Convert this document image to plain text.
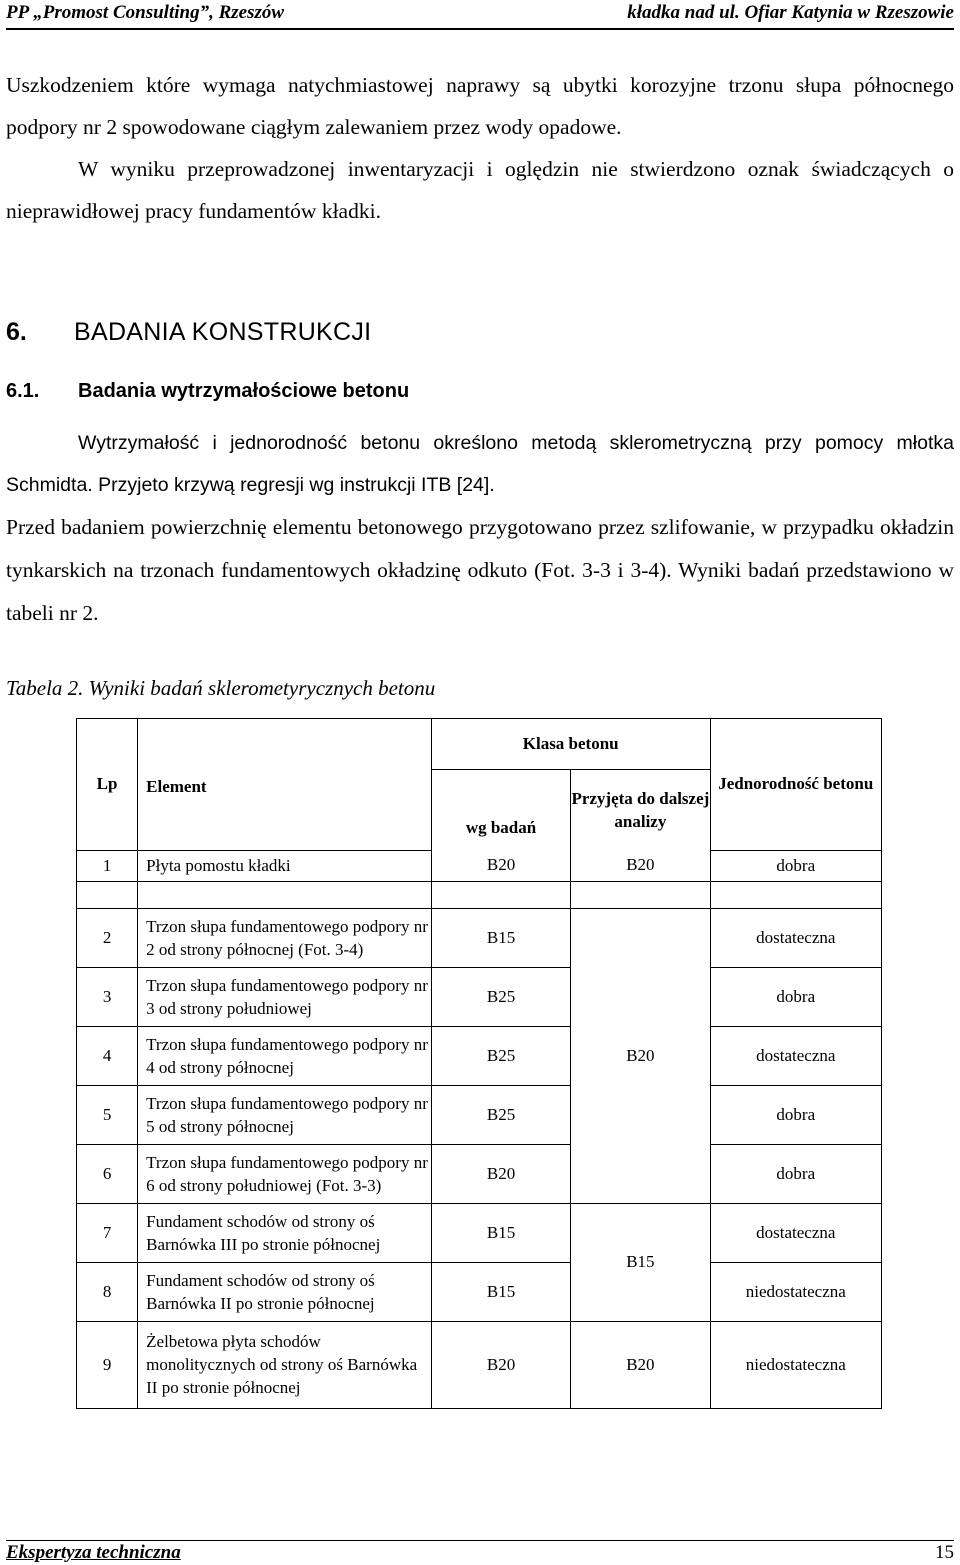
PP „Promost Consulting”, Rzeszów	kładka nad ul. Ofiar Katynia w Rzeszowie

Uszkodzeniem które wymaga natychmiastowej naprawy są ubytki korozyjne trzonu słupa północnego podpory nr 2 spowodowane ciągłym zalewaniem przez wody opadowe.
W wyniku przeprowadzonej inwentaryzacji i oględzin nie stwierdzono oznak świadczących o nieprawidłowej pracy fundamentów kładki.

6. BADANIA KONSTRUKCJI
6.1. Badania wytrzymałościowe betonu

Wytrzymałość i jednorodność betonu określono metodą sklerometryczną przy pomocy młotka Schmidta. Przyjeto krzywą regresji wg instrukcji ITB [24].
Przed badaniem powierzchnię elementu betonowego przygotowano przez szlifowanie, w przypadku okładzin tynkarskich na trzonach fundamentowych okładzinę odkuto (Fot. 3-3 i 3-4). Wyniki badań przedstawiono w tabeli nr 2.

Tabela 2. Wyniki badań sklerometyrycznych betonu

Lp	Element	Klasa betonu		Jednorodność betonu
		wg badań	Przyjęta do dalszej analizy	
1	Płyta pomostu kładki	B20	B20	dobra

2	Trzon słupa fundamentowego podpory nr 2 od strony północnej (Fot. 3-4)	B15	B20	dostateczna
3	Trzon słupa fundamentowego podpory nr 3 od strony południowej	B25		dobra
4	Trzon słupa fundamentowego podpory nr 4 od strony północnej	B25		dostateczna
5	Trzon słupa fundamentowego podpory nr 5 od strony północnej	B25		dobra
6	Trzon słupa fundamentowego podpory nr 6 od strony południowej (Fot. 3-3)	B20		dobra
7	Fundament schodów od strony oś Barnówka III po stronie północnej	B15	B15	dostateczna
8	Fundament schodów od strony oś Barnówka II po stronie północnej	B15		niedostateczna
9	Żelbetowa płyta schodów monolitycznych od strony oś Barnówka II po stronie północnej	B20	B20	niedostateczna
Ekspertyza techniczna	15
